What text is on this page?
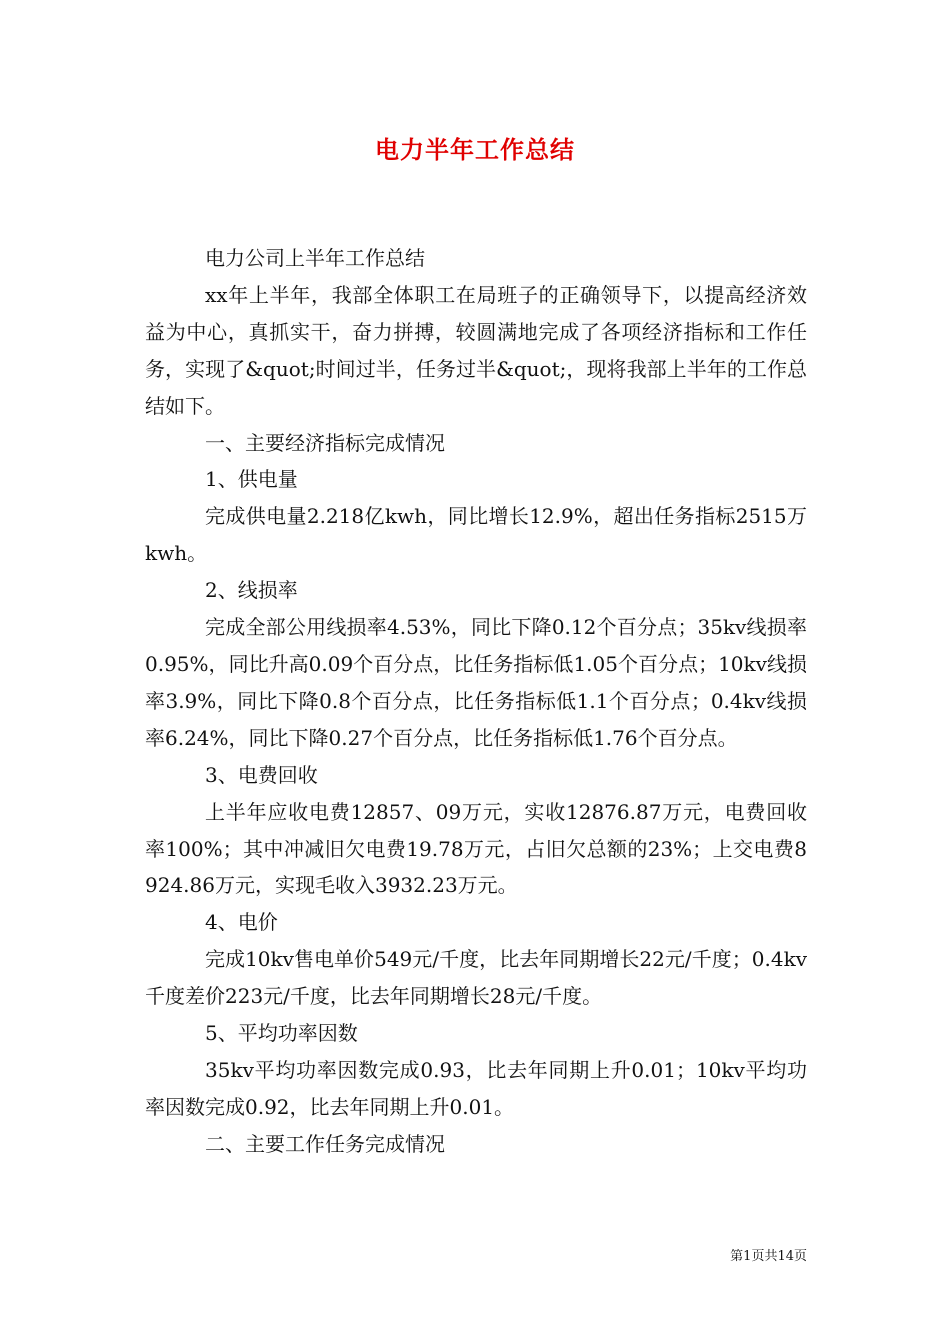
电力半年工作总结

电力公司上半年工作总结

xx年上半年，我部全体职工在局班子的正确领导下，以提高经济效益为中心，真抓实干，奋力拼搏，较圆满地完成了各项经济指标和工作任务，实现了&quot;时间过半，任务过半&quot;，现将我部上半年的工作总结如下。

一、主要经济指标完成情况

1、供电量

完成供电量2.218亿kwh，同比增长12.9%，超出任务指标2515万kwh。

2、线损率

完成全部公用线损率4.53%，同比下降0.12个百分点；35kv线损率0.95%，同比升高0.09个百分点，比任务指标低1.05个百分点；10kv线损率3.9%，同比下降0.8个百分点，比任务指标低1.1个百分点；0.4kv线损率6.24%，同比下降0.27个百分点，比任务指标低1.76个百分点。

3、电费回收

上半年应收电费12857、09万元，实收12876.87万元，电费回收率100%；其中冲减旧欠电费19.78万元，占旧欠总额的23%；上交电费8924.86万元，实现毛收入3932.23万元。

4、电价

完成10kv售电单价549元/千度，比去年同期增长22元/千度；0.4kv千度差价223元/千度，比去年同期增长28元/千度。

5、平均功率因数

35kv平均功率因数完成0.93，比去年同期上升0.01；10kv平均功率因数完成0.92，比去年同期上升0.01。

二、主要工作任务完成情况

第1页共14页
